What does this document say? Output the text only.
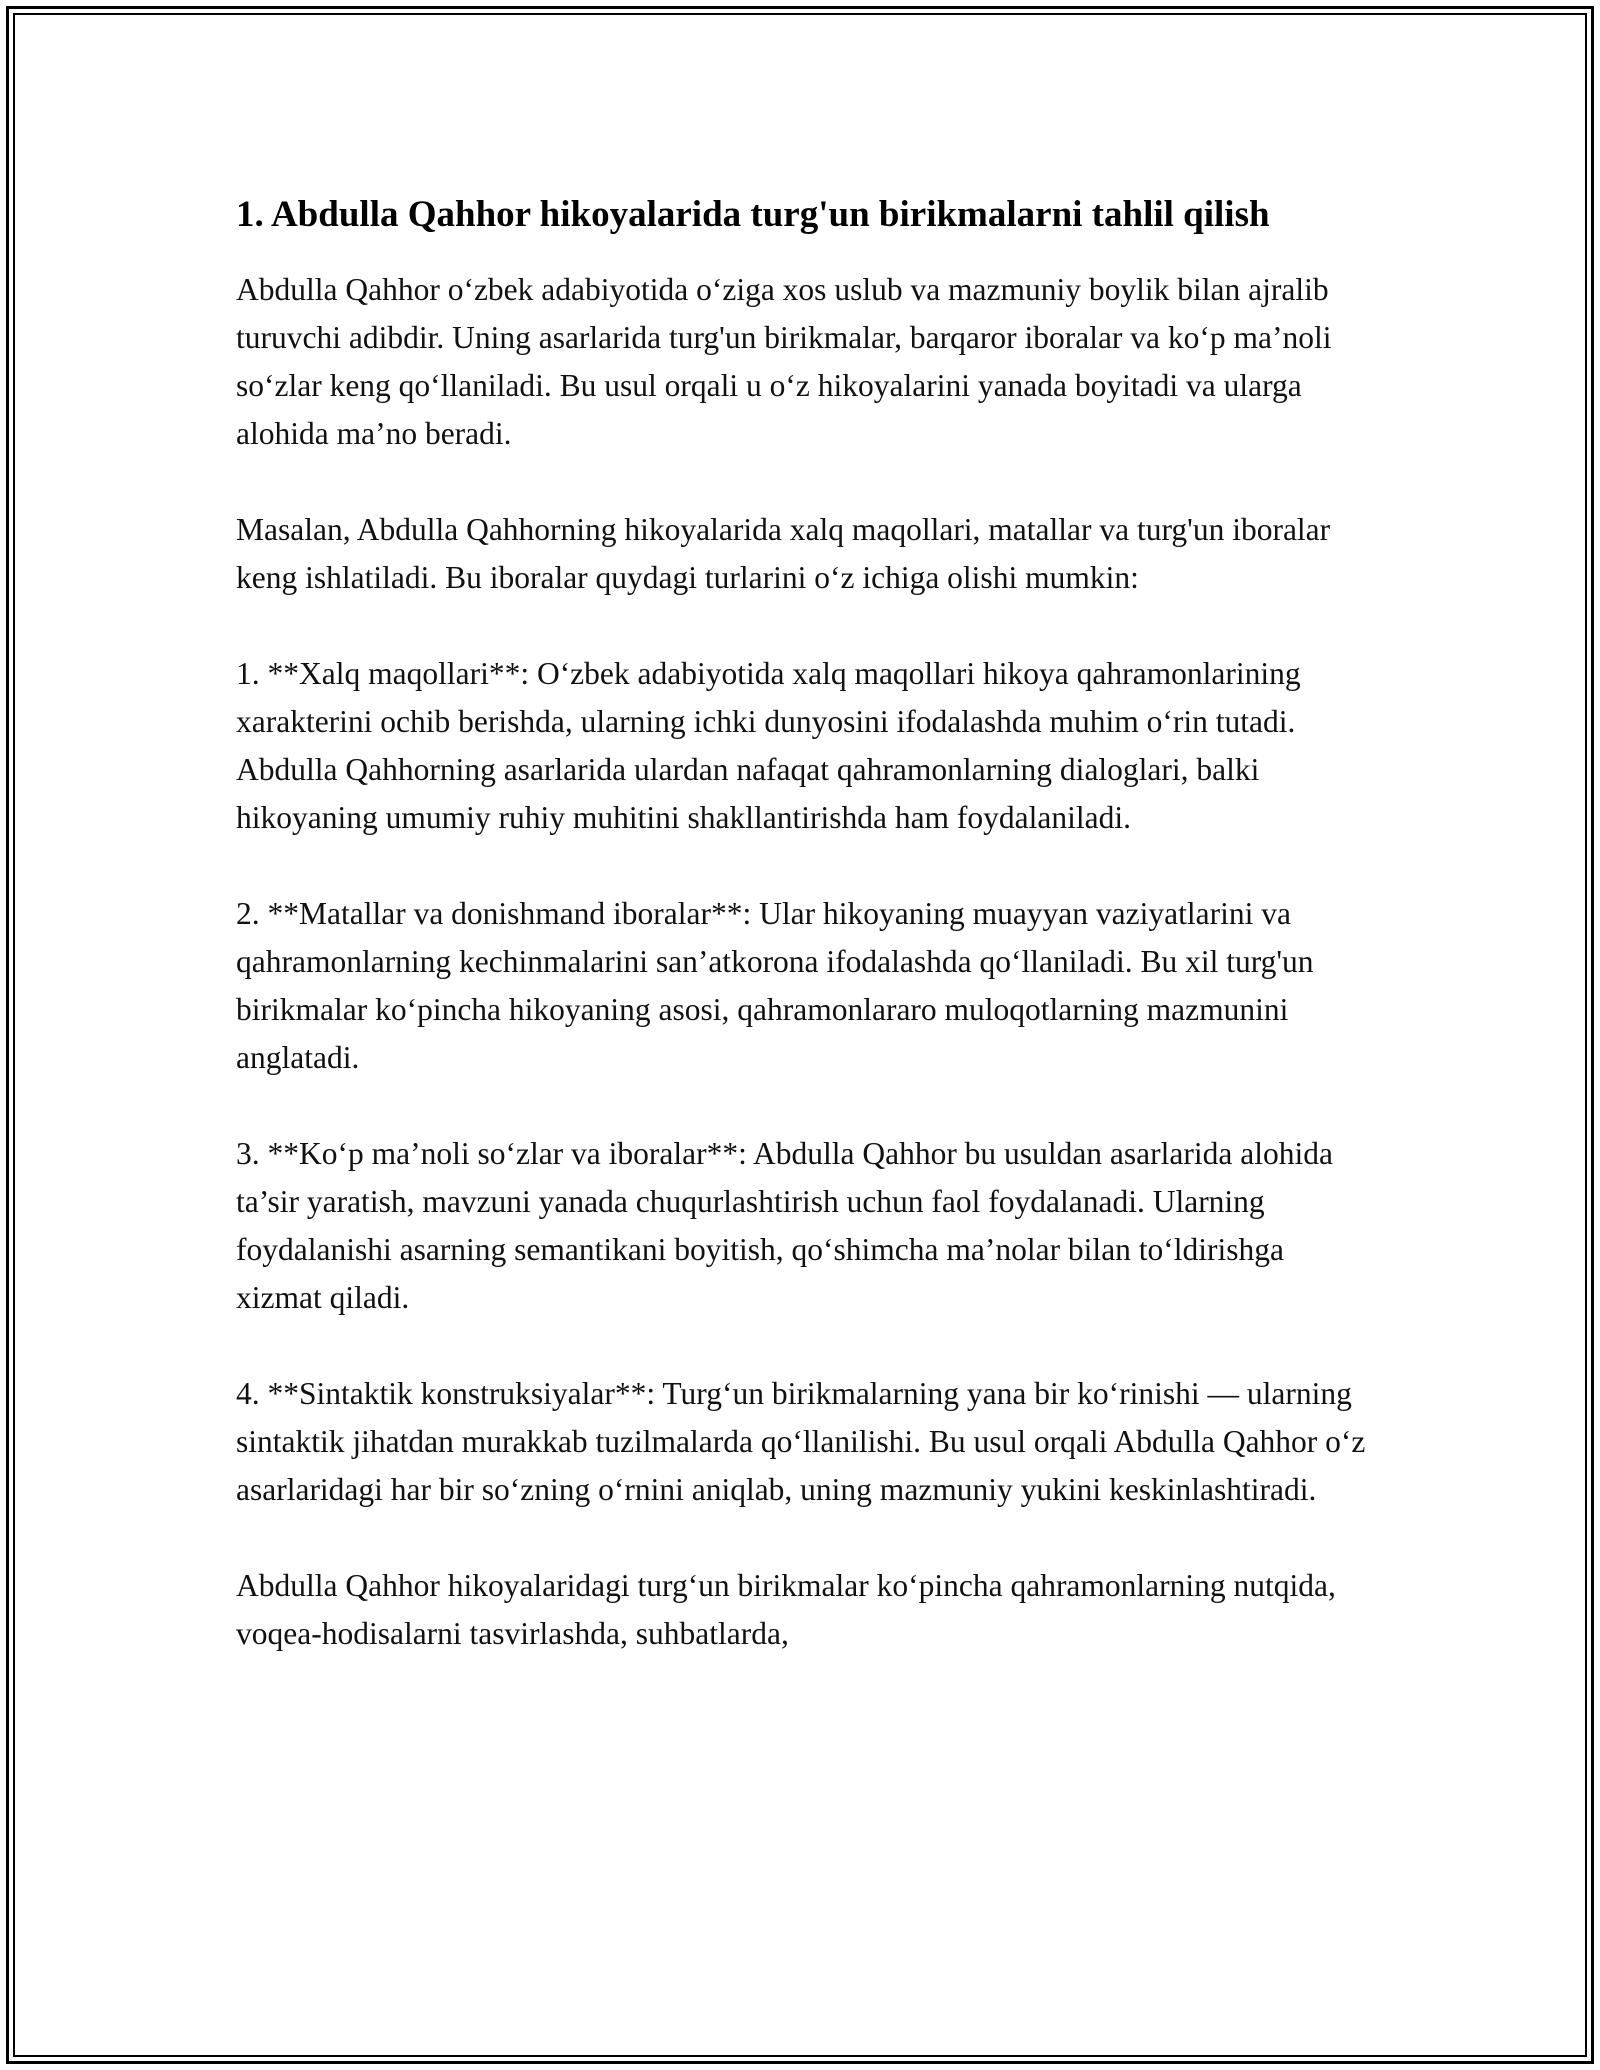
1. Abdulla Qahhor hikoyalarida turg'un birikmalarni tahlil qilish

Abdulla Qahhor o‘zbek adabiyotida o‘ziga xos uslub va mazmuniy boylik bilan ajralib turuvchi adibdir. Uning asarlarida turg'un birikmalar, barqaror iboralar va ko‘p ma’noli so‘zlar keng qo‘llaniladi. Bu usul orqali u o‘z hikoyalarini yanada boyitadi va ularga alohida ma’no beradi.

Masalan, Abdulla Qahhorning hikoyalarida xalq maqollari, matallar va turg'un iboralar keng ishlatiladi. Bu iboralar quydagi turlarini o‘z ichiga olishi mumkin:

1. **Xalq maqollari**: O‘zbek adabiyotida xalq maqollari hikoya qahramonlarining xarakterini ochib berishda, ularning ichki dunyosini ifodalashda muhim o‘rin tutadi. Abdulla Qahhorning asarlarida ulardan nafaqat qahramonlarning dialoglari, balki hikoyaning umumiy ruhiy muhitini shakllantirishda ham foydalaniladi.

2. **Matallar va donishmand iboralar**: Ular hikoyaning muayyan vaziyatlarini va qahramonlarning kechinmalarini san’atkorona ifodalashda qo‘llaniladi. Bu xil turg'un birikmalar ko‘pincha hikoyaning asosi, qahramonlararo muloqotlarning mazmunini anglatadi.

3. **Ko‘p ma’noli so‘zlar va iboralar**: Abdulla Qahhor bu usuldan asarlarida alohida ta’sir yaratish, mavzuni yanada chuqurlashtirish uchun faol foydalanadi. Ularning foydalanishi asarning semantikani boyitish, qo‘shimcha ma’nolar bilan to‘ldirishga xizmat qiladi.

4. **Sintaktik konstruksiyalar**: Turg‘un birikmalarning yana bir ko‘rinishi — ularning sintaktik jihatdan murakkab tuzilmalarda qo‘llanilishi. Bu usul orqali Abdulla Qahhor o‘z asarlaridagi har bir so‘zning o‘rnini aniqlab, uning mazmuniy yukini keskinlashtiradi.

Abdulla Qahhor hikoyalaridagi turg‘un birikmalar ko‘pincha qahramonlarning nutqida, voqea-hodisalarni tasvirlashda, suhbatlarda,
